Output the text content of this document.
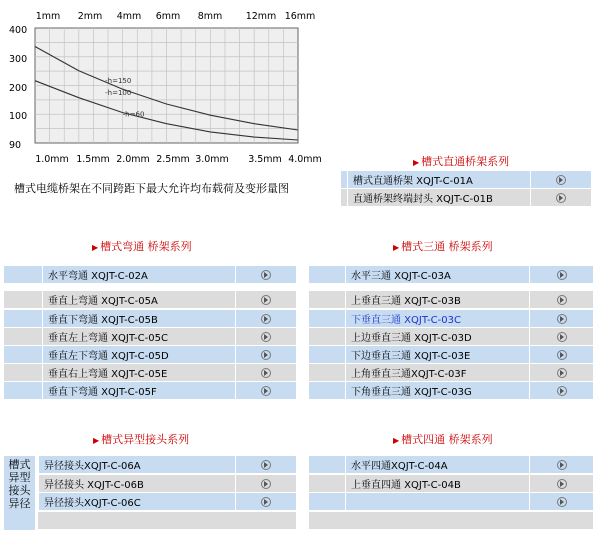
-h=150
-h=100
-h=60
1mm 2mm 4mm 6mm 8mm 12mm 16mm
1.0mm 1.5mm 2.0mm 2.5mm 3.0mm 3.5mm 4.0mm
400
300
200
100
90
槽式电缆桥架在不同跨距下最大允许均布载荷及变形量图
▶ 槽式直通桥架系列
▶ 槽式弯通 桥架系列	▶ 槽式三通 桥架系列
▶ 槽式异型接头系列	▶ 槽式四通 桥架系列
槽式异型接头异径
槽式直通桥架 XQJT-C-01A
直通桥架终端封头 XQJT-C-01B
水平弯通 XQJT-C-02A	水平三通 XQJT-C-03A
垂直上弯通 XQJT-C-05A	上垂直三通 XQJT-C-03B
垂直下弯通 XQJT-C-05B	下垂直三通 XQJT-C-03C
垂直左上弯通 XQJT-C-05C	上边垂直三通 XQJT-C-03D
垂直左下弯通 XQJT-C-05D	下边垂直三通 XQJT-C-03E
垂直右上弯通 XQJT-C-05E	上角垂直三通XQJT-C-03F
垂直下弯通 XQJT-C-05F	下角垂直三通 XQJT-C-03G
异径接头XQJT-C-06A
异径接头 XQJT-C-06B
异径接头XQJT-C-06C
水平四通XQJT-C-04A
上垂直四通 XQJT-C-04B
